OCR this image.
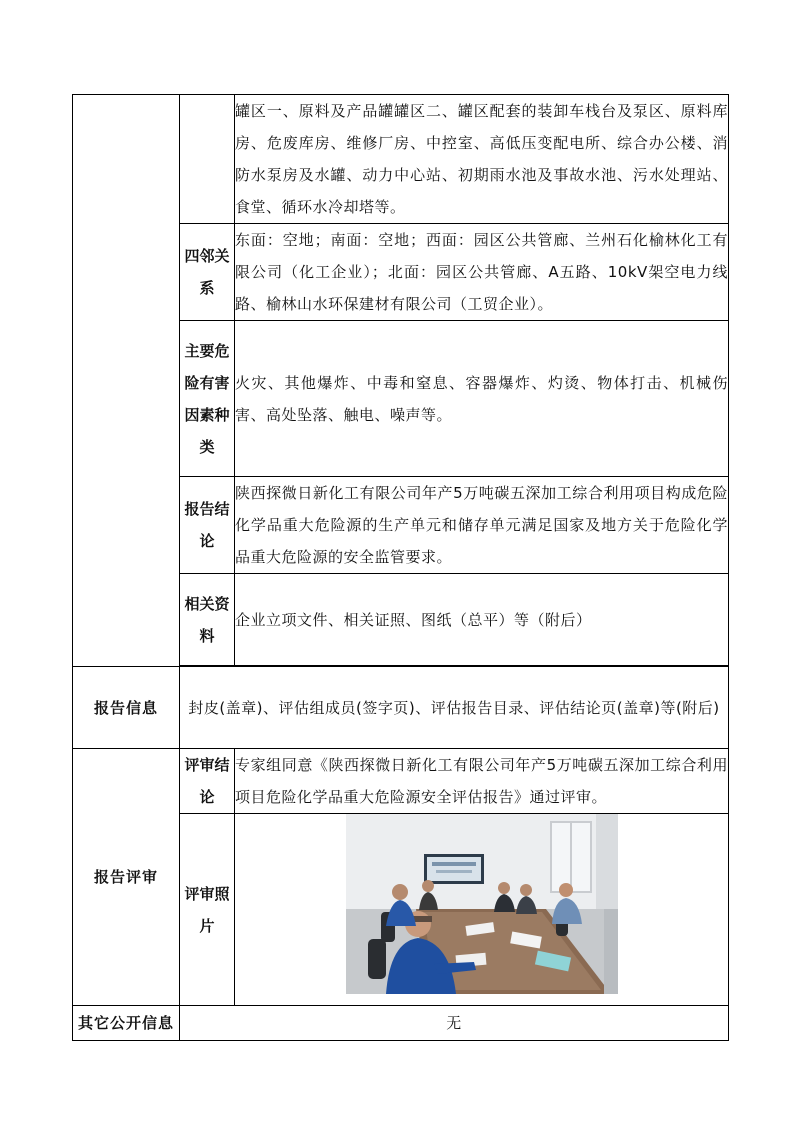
		罐区一、原料及产品罐罐区二、罐区配套的装卸车栈台及泵区、原料库房、危废库房、维修厂房、中控室、高低压变配电所、综合办公楼、消防水泵房及水罐、动力中心站、初期雨水池及事故水池、污水处理站、食堂、循环水冷却塔等。
	四邻关系	东面：空地；南面：空地；西面：园区公共管廊、兰州石化榆林化工有限公司（化工企业）；北面：园区公共管廊、A五路、10kV架空电力线路、榆林山水环保建材有限公司（工贸企业）。
	主要危险有害因素种类	火灾、其他爆炸、中毒和窒息、容器爆炸、灼烫、物体打击、机械伤害、高处坠落、触电、噪声等。
	报告结论	陕西探微日新化工有限公司年产5万吨碳五深加工综合利用项目构成危险化学品重大危险源的生产单元和储存单元满足国家及地方关于危险化学品重大危险源的安全监管要求。
	相关资料	企业立项文件、相关证照、图纸（总平）等（附后）

报告信息	封皮(盖章)、评估组成员(签字页)、评估报告目录、评估结论页(盖章)等(附后)	
报告评审	评审结论	专家组同意《陕西探微日新化工有限公司年产5万吨碳五深加工综合利用项目危险化学品重大危险源安全评估报告》通过评审。
	评审照片	
其它公开信息	无	
